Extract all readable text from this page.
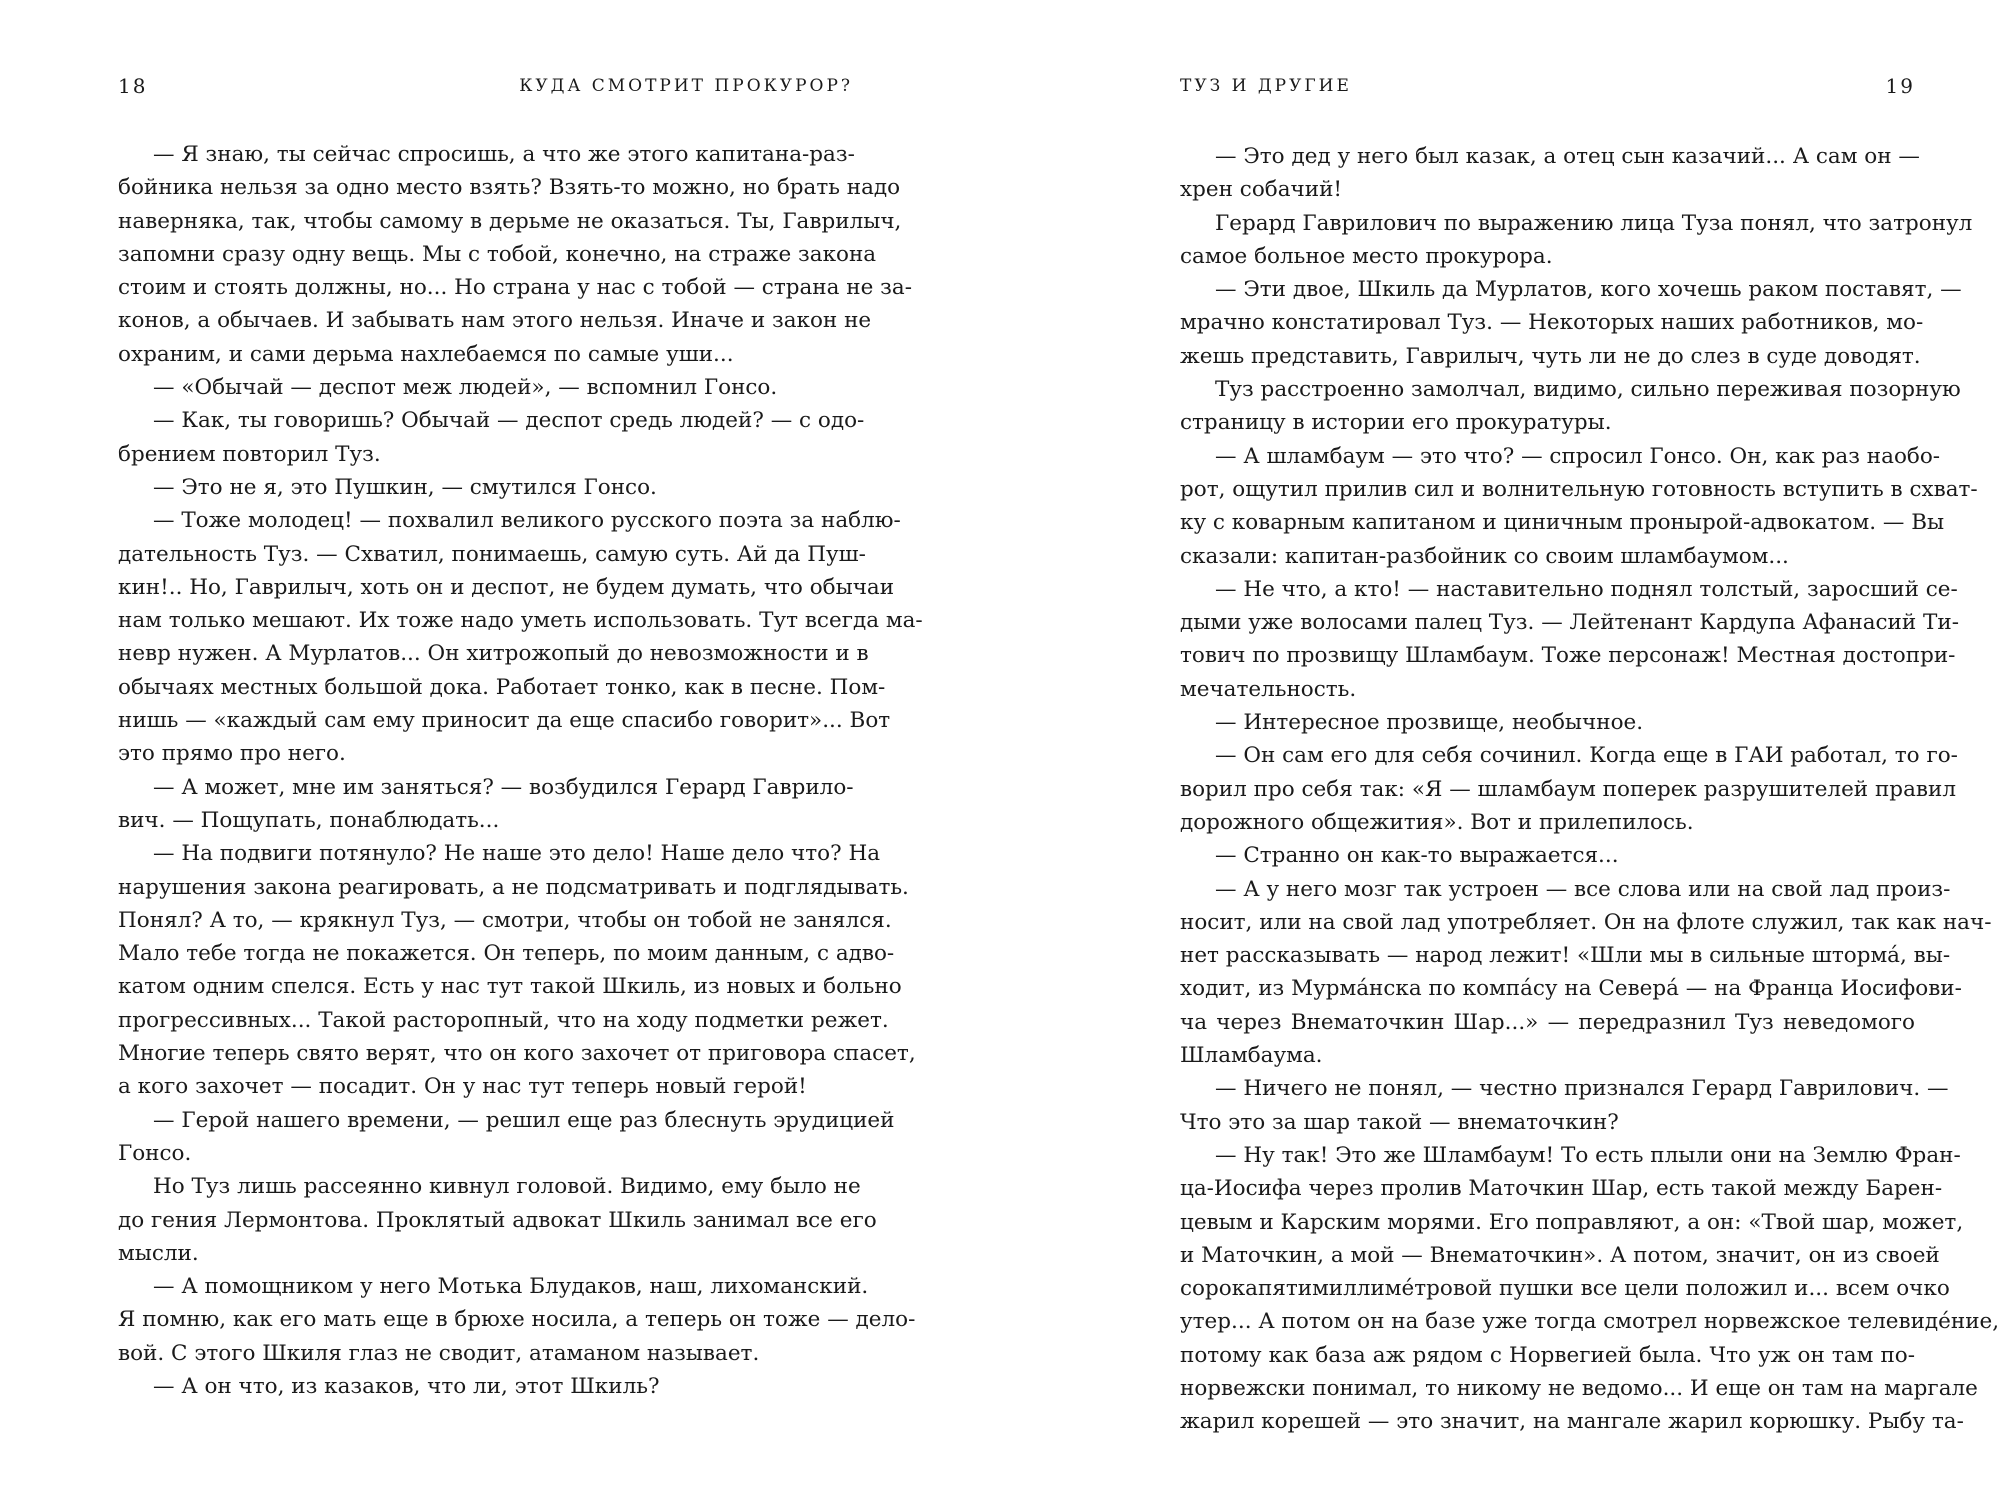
18	КУДА СМОТРИТ ПРОКУРОР?
— Я знаю, ты сейчас спросишь, а что же этого капитана-раз-
бойника нельзя за одно место взять? Взять-то можно, но брать надо
наверняка, так, чтобы самому в дерьме не оказаться. Ты, Гаврилыч,
запомни сразу одну вещь. Мы с тобой, конечно, на страже закона
стоим и стоять должны, но... Но страна у нас с тобой — страна не за-
конов, а обычаев. И забывать нам этого нельзя. Иначе и закон не
охраним, и сами дерьма нахлебаемся по самые уши...
— «Обычай — деспот меж людей», — вспомнил Гонсо.
— Как, ты говоришь? Обычай — деспот средь людей? — с одо-
брением повторил Туз.
— Это не я, это Пушкин, — смутился Гонсо.
— Тоже молодец! — похвалил великого русского поэта за наблю-
дательность Туз. — Схватил, понимаешь, самую суть. Ай да Пуш-
кин!.. Но, Гаврилыч, хоть он и деспот, не будем думать, что обычаи
нам только мешают. Их тоже надо уметь использовать. Тут всегда ма-
невр нужен. А Мурлатов... Он хитрожопый до невозможности и в
обычаях местных большой дока. Работает тонко, как в песне. Пом-
нишь — «каждый сам ему приносит да еще спасибо говорит»... Вот
это прямо про него.
— А может, мне им заняться? — возбудился Герард Гаврило-
вич. — Пощупать, понаблюдать...
— На подвиги потянуло? Не наше это дело! Наше дело что? На
нарушения закона реагировать, а не подсматривать и подглядывать.
Понял? А то, — крякнул Туз, — смотри, чтобы он тобой не занялся.
Мало тебе тогда не покажется. Он теперь, по моим данным, с адво-
катом одним спелся. Есть у нас тут такой Шкиль, из новых и больно
прогрессивных... Такой расторопный, что на ходу подметки режет.
Многие теперь свято верят, что он кого захочет от приговора спасет,
а кого захочет — посадит. Он у нас тут теперь новый герой!
— Герой нашего времени, — решил еще раз блеснуть эрудицией
Гонсо.
Но Туз лишь рассеянно кивнул головой. Видимо, ему было не
до гения Лермонтова. Проклятый адвокат Шкиль занимал все его
мысли.
— А помощником у него Мотька Блудаков, наш, лихоманский.
Я помню, как его мать еще в брюхе носила, а теперь он тоже — дело-
вой. С этого Шкиля глаз не сводит, атаманом называет.
— А он что, из казаков, что ли, этот Шкиль?
ТУЗ И ДРУГИЕ	19
— Это дед у него был казак, а отец сын казачий... А сам он —
хрен собачий!
Герард Гаврилович по выражению лица Туза понял, что затронул
самое больное место прокурора.
— Эти двое, Шкиль да Мурлатов, кого хочешь раком поставят, —
мрачно констатировал Туз. — Некоторых наших работников, мо-
жешь представить, Гаврилыч, чуть ли не до слез в суде доводят.
Туз расстроенно замолчал, видимо, сильно переживая позорную
страницу в истории его прокуратуры.
— А шламбаум — это что? — спросил Гонсо. Он, как раз наобо-
рот, ощутил прилив сил и волнительную готовность вступить в схват-
ку с коварным капитаном и циничным пронырой-адвокатом. — Вы
сказали: капитан-разбойник со своим шламбаумом...
— Не что, а кто! — наставительно поднял толстый, заросший се-
дыми уже волосами палец Туз. — Лейтенант Кардупа Афанасий Ти-
тович по прозвищу Шламбаум. Тоже персонаж! Местная достопри-
мечательность.
— Интересное прозвище, необычное.
— Он сам его для себя сочинил. Когда еще в ГАИ работал, то го-
ворил про себя так: «Я — шламбаум поперек разрушителей правил
дорожного общежития». Вот и прилепилось.
— Странно он как-то выражается...
— А у него мозг так устроен — все слова или на свой лад произ-
носит, или на свой лад употребляет. Он на флоте служил, так как нач-
нет рассказывать — народ лежит! «Шли мы в сильные штормá, вы-
ходит, из Мурмáнска по компáсу на Северá — на Франца Иосифови-
ча через Внематочкин Шар...» — передразнил Туз неведомого
Шламбаума.
— Ничего не понял, — честно признался Герард Гаврилович. —
Что это за шар такой — внематочкин?
— Ну так! Это же Шламбаум! То есть плыли они на Землю Фран-
ца-Иосифа через пролив Маточкин Шар, есть такой между Барен-
цевым и Карским морями. Его поправляют, а он: «Твой шар, может,
и Маточкин, а мой — Внематочкин». А потом, значит, он из своей
сорокапятимиллимéтровой пушки все цели положил и... всем очко
утер... А потом он на базе уже тогда смотрел норвежское телевидéние,
потому как база аж рядом с Норвегией была. Что уж он там по-
норвежски понимал, то никому не ведомо... И еще он там на маргале
жарил корешей — это значит, на мангале жарил корюшку. Рыбу та-
